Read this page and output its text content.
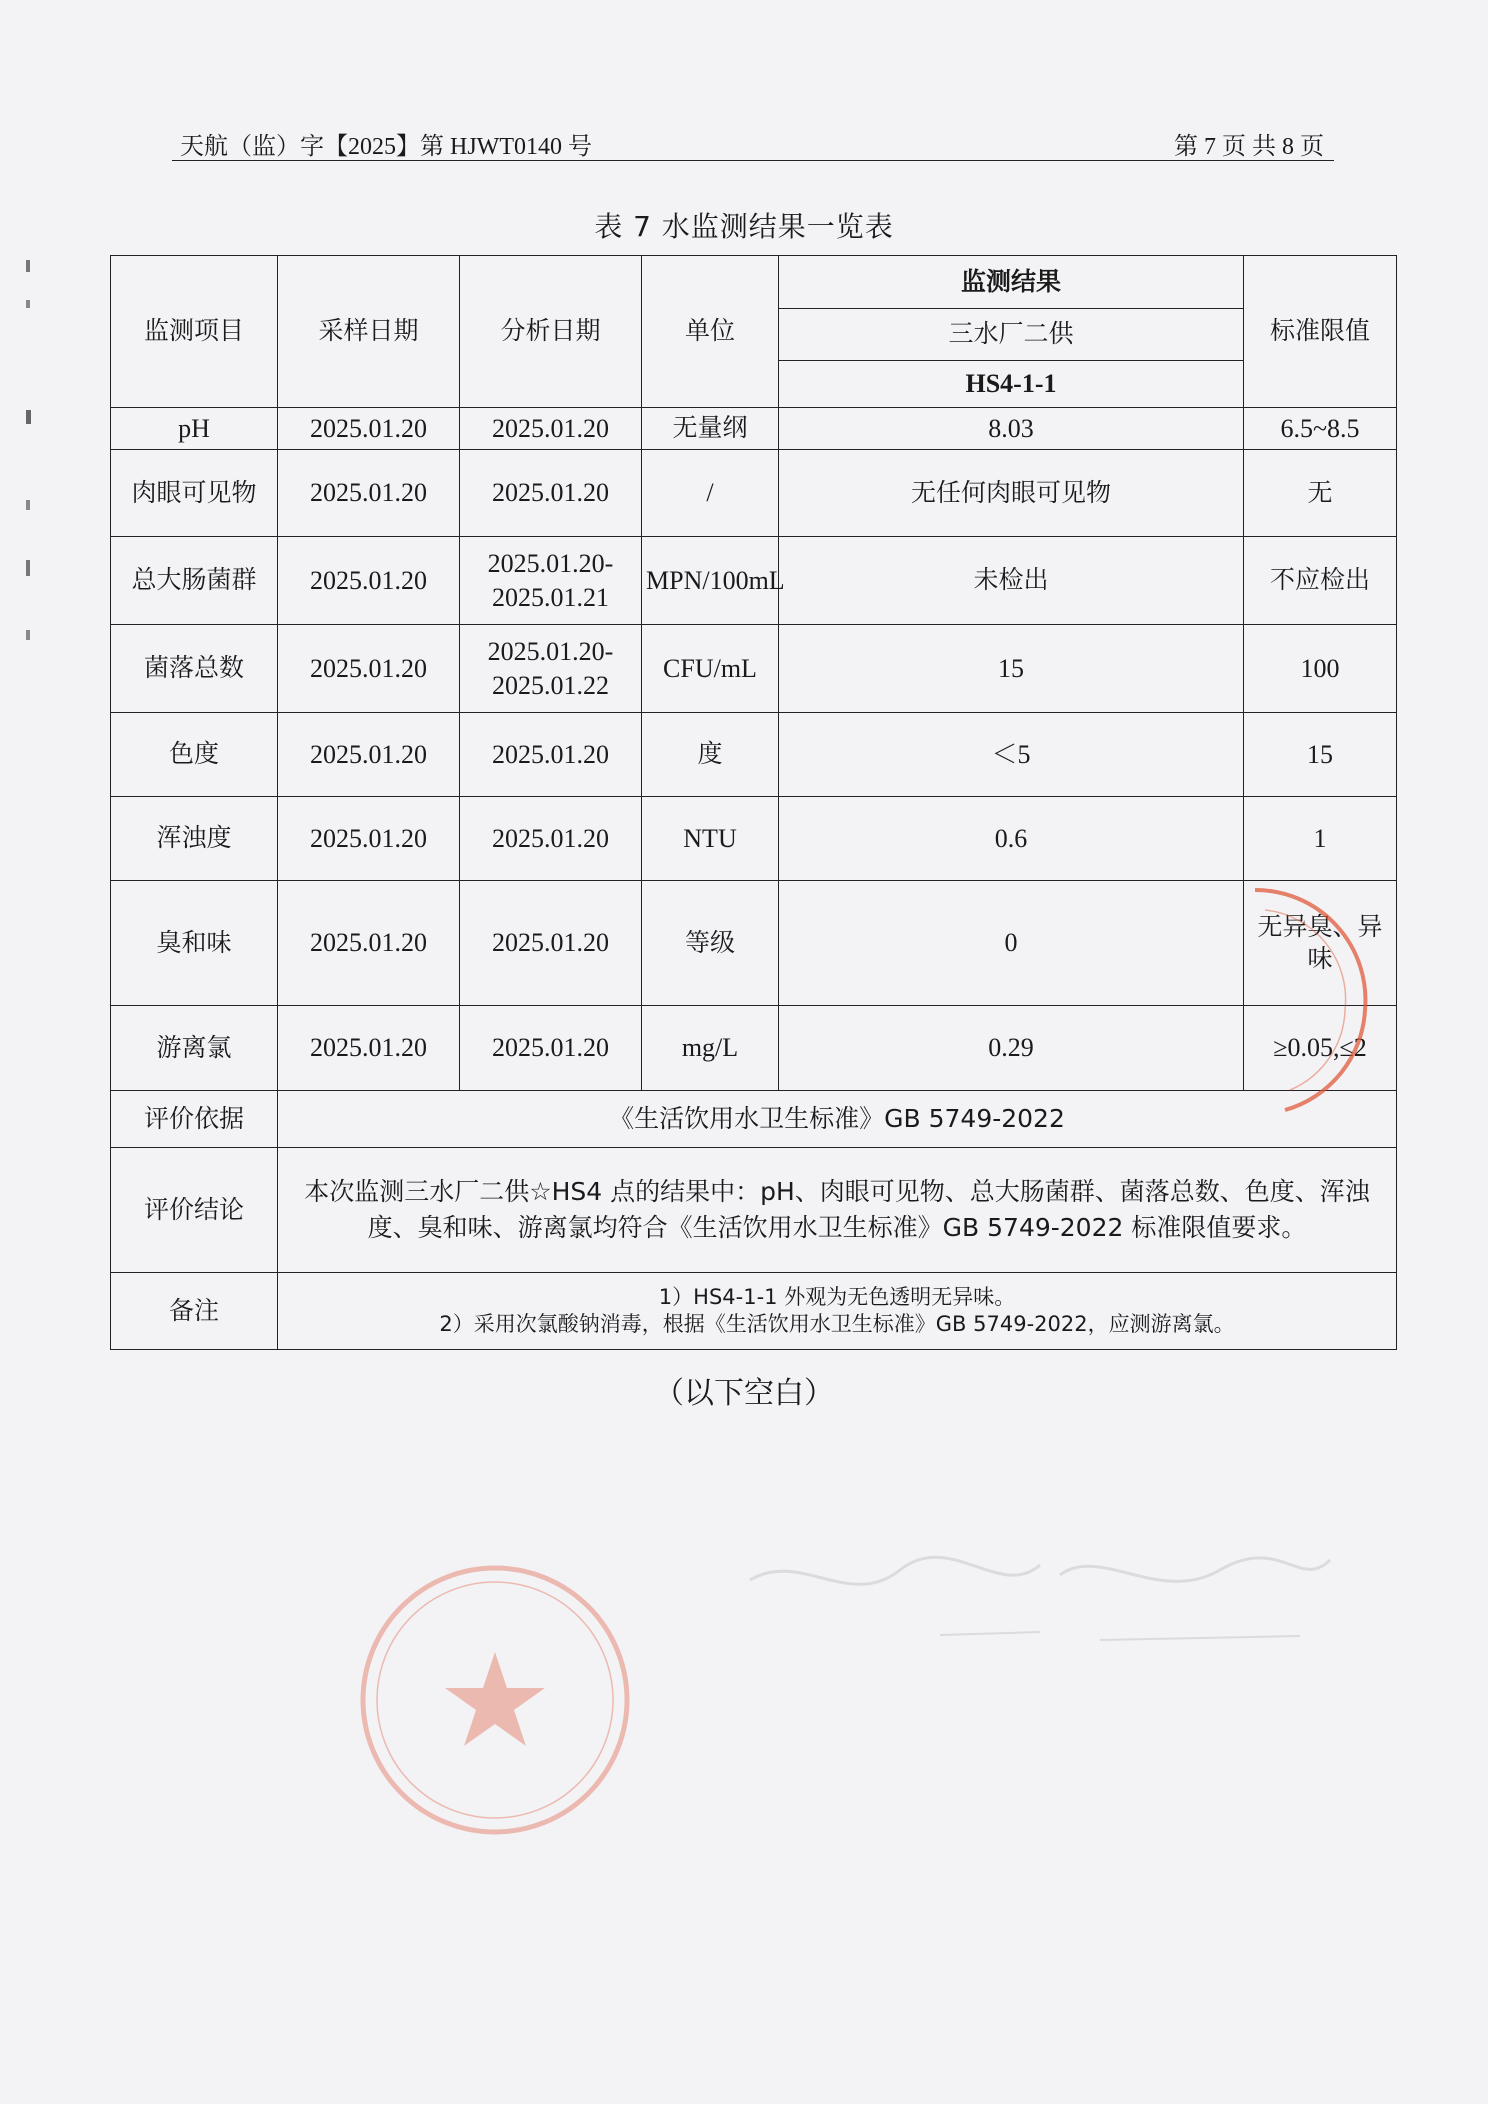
天航（监）字【2025】第 HJWT0140 号	第 7 页 共 8 页
表 7 水监测结果一览表
监测项目	采样日期	分析日期	单位	监测结果	标准限值
				三水厂二供	
				HS4-1-1	
pH	2025.01.20	2025.01.20	无量纲	8.03	6.5~8.5
肉眼可见物	2025.01.20	2025.01.20	/	无任何肉眼可见物	无
总大肠菌群	2025.01.20	2025.01.20-2025.01.21	MPN/100mL	未检出	不应检出
菌落总数	2025.01.20	2025.01.20-2025.01.22	CFU/mL	15	100
色度	2025.01.20	2025.01.20	度	＜5	15
浑浊度	2025.01.20	2025.01.20	NTU	0.6	1
臭和味	2025.01.20	2025.01.20	等级	0	无异臭、异味
游离氯	2025.01.20	2025.01.20	mg/L	0.29	≥0.05,≤2
评价依据	《生活饮用水卫生标准》GB 5749-2022				
评价结论	本次监测三水厂二供☆HS4 点的结果中：pH、肉眼可见物、总大肠菌群、菌落总数、色度、浑浊度、臭和味、游离氯均符合《生活饮用水卫生标准》GB 5749-2022 标准限值要求。				
备注	1）HS4-1-1 外观为无色透明无异味。
2）采用次氯酸钠消毒，根据《生活饮用水卫生标准》GB 5749-2022，应测游离氯。				
（以下空白）
